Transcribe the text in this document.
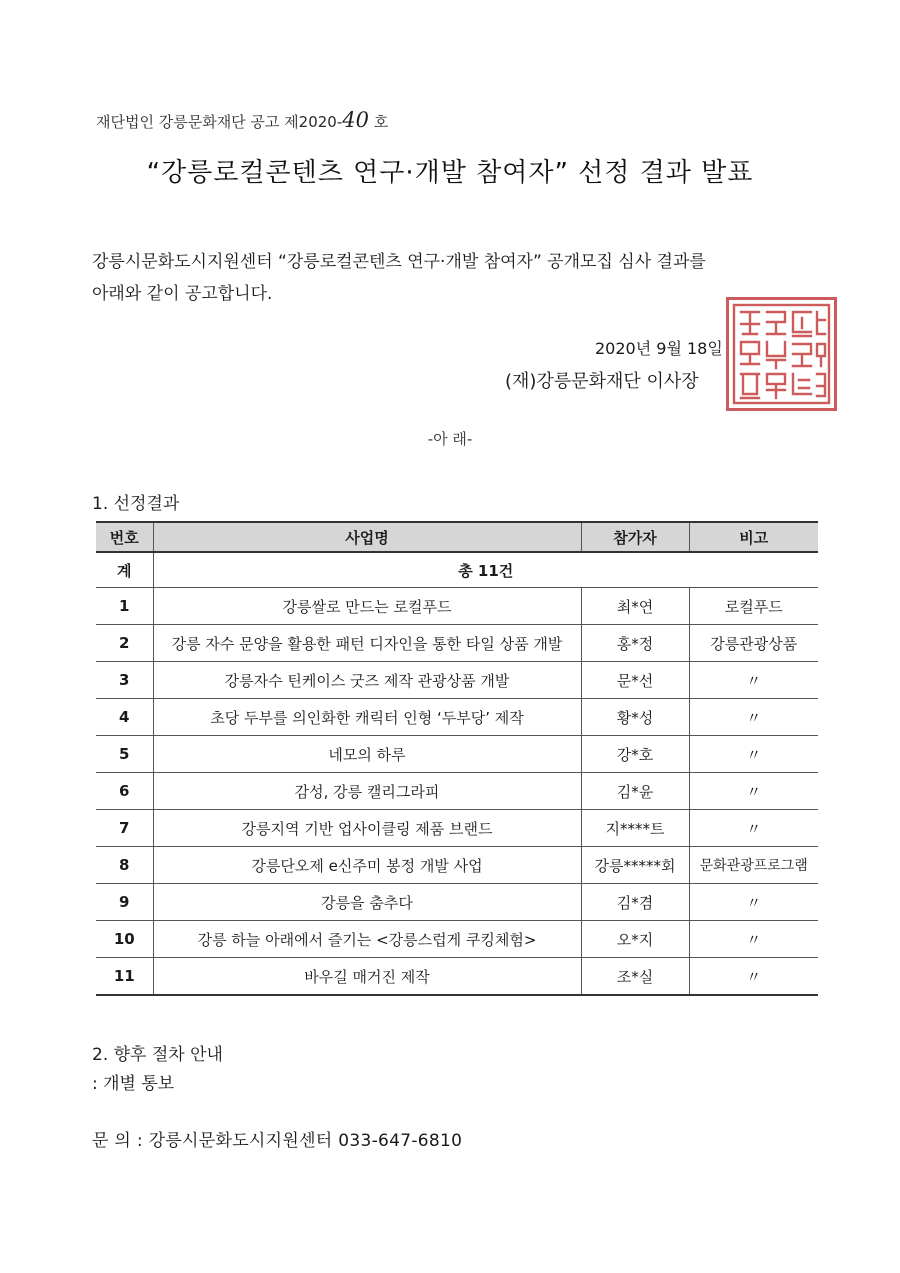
재단법인 강릉문화재단 공고 제2020-40 호
“강릉로컬콘텐츠 연구·개발 참여자” 선정 결과 발표
강릉시문화도시지원센터 “강릉로컬콘텐츠 연구·개발 참여자” 공개모집 심사 결과를
아래와 같이 공고합니다.
2020년 9월 18일
(재)강릉문화재단 이사장
-아 래-
1. 선정결과
번호	사업명	참가자	비고
계	총 11건		
1	강릉쌀로 만드는 로컬푸드	최*연	로컬푸드
2	강릉 자수 문양을 활용한 패턴 디자인을 통한 타일 상품 개발	홍*정	강릉관광상품
3	강릉자수 틴케이스 굿즈 제작 관광상품 개발	문*선	〃
4	초당 두부를 의인화한 캐릭터 인형 ‘두부당’ 제작	황*성	〃
5	네모의 하루	강*호	〃
6	감성, 강릉 캘리그라피	김*윤	〃
7	강릉지역 기반 업사이클링 제품 브랜드	지****트	〃
8	강릉단오제 e신주미 봉정 개발 사업	강릉*****회	문화관광프로그램
9	강릉을 춤추다	김*겸	〃
10	강릉 하늘 아래에서 즐기는 <강릉스럽게 쿠킹체험>	오*지	〃
11	바우길 매거진 제작	조*실	〃
2. 향후 절차 안내
: 개별 통보
문 의 : 강릉시문화도시지원센터 033-647-6810
